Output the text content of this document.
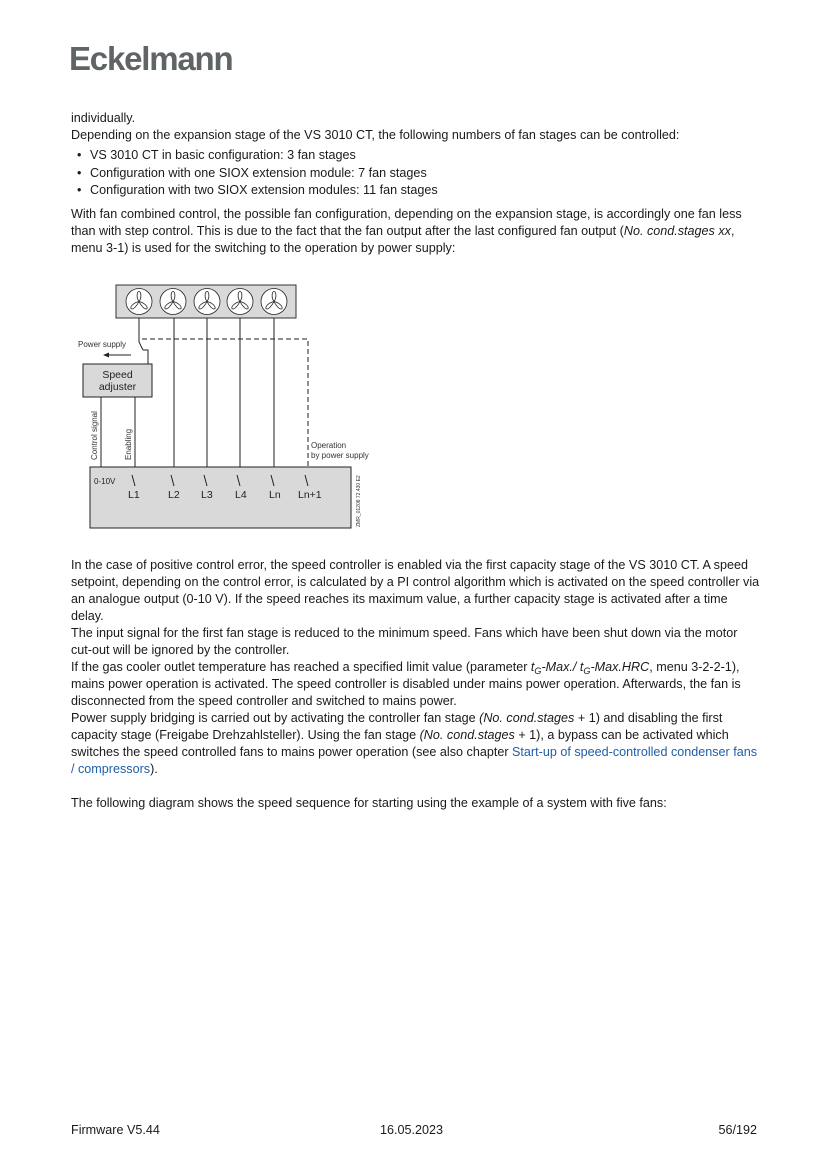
Eckelmann

individually.

Depending on the expansion stage of the VS 3010 CT, the following numbers of fan stages can be controlled:

• VS 3010 CT in basic configuration: 3 fan stages
• Configuration with one SIOX extension module: 7 fan stages
• Configuration with two SIOX extension modules: 11 fan stages

With fan combined control, the possible fan configuration, depending on the expansion stage, is accordingly one fan less than with step control. This is due to the fact that the fan output after the last configured fan output (No. cond.stages xx, menu 3-1) is used for the switching to the operation by power supply:

Power supply
Speed
adjuster
Control signal	Enabling	Operation
by power supply
0-10V
L1	L2 L3 L4 Ln Ln+1	ZMR_01208 72.430 E2

In the case of positive control error, the speed controller is enabled via the first capacity stage of the VS 3010 CT. A speed setpoint, depending on the control error, is calculated by a PI control algorithm which is activated on the speed controller via an analogue output (0-10 V). If the speed reaches its maximum value, a further capacity stage is activated after a time delay.

The input signal for the first fan stage is reduced to the minimum speed. Fans which have been shut down via the motor cut-out will be ignored by the controller.

If the gas cooler outlet temperature has reached a specified limit value (parameter $t_G-Max./$ $t_G-Max.HRC$, menu 3-2-2-1), mains power operation is activated. The speed controller is disabled under mains power operation. Afterwards, the fan is disconnected from the speed controller and switched to mains power.

Power supply bridging is carried out by activating the controller fan stage (No. cond.stages + 1) and disabling the first capacity stage (Freigabe Drehzahlsteller). Using the fan stage (No. cond.stages + 1), a bypass can be activated which switches the speed controlled fans to mains power operation (see also chapter Start-up of speed-controlled condenser fans / compressors).

The following diagram shows the speed sequence for starting using the example of a system with five fans:

Firmware V5.44	16.05.2023	56/192
